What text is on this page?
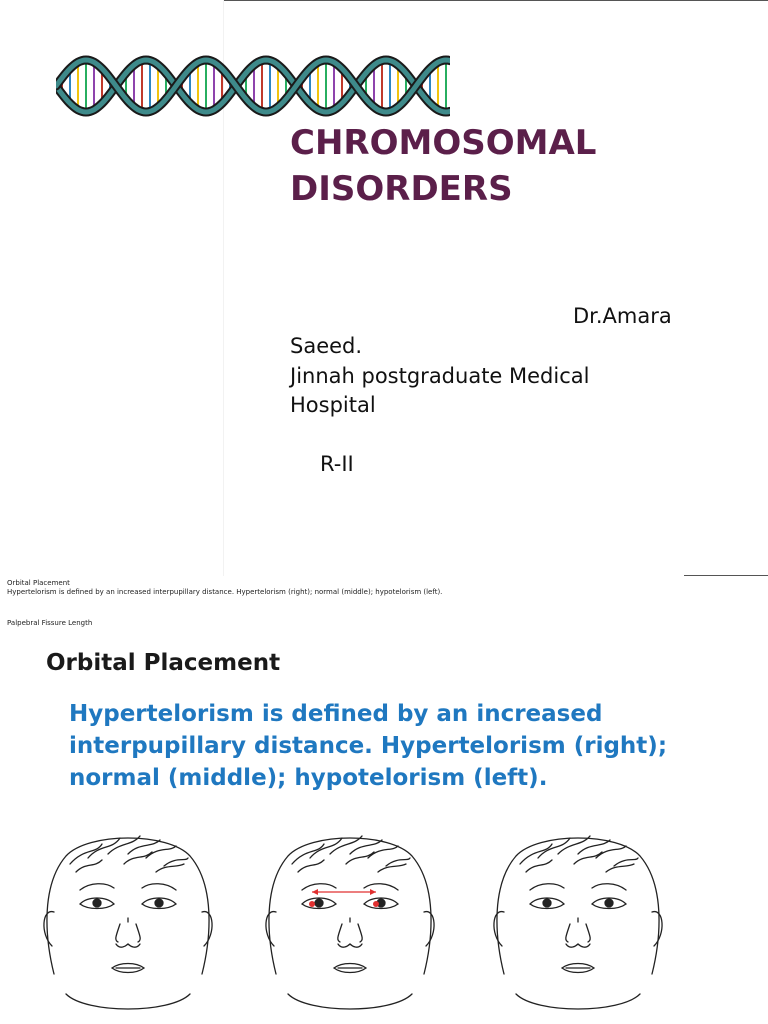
CHROMOSOMAL
DISORDERS
Dr.Amara
Saeed.
Jinnah postgraduate Medical
Hospital
R-II
Orbital Placement
Hypertelorism is defined by an increased interpupillary distance. Hypertelorism (right); normal (middle); hypotelorism (left).
Palpebral Fissure Length
Orbital Placement

Hypertelorism is defined by an increased interpupillary distance. Hypertelorism (right); normal (middle); hypotelorism (left).
